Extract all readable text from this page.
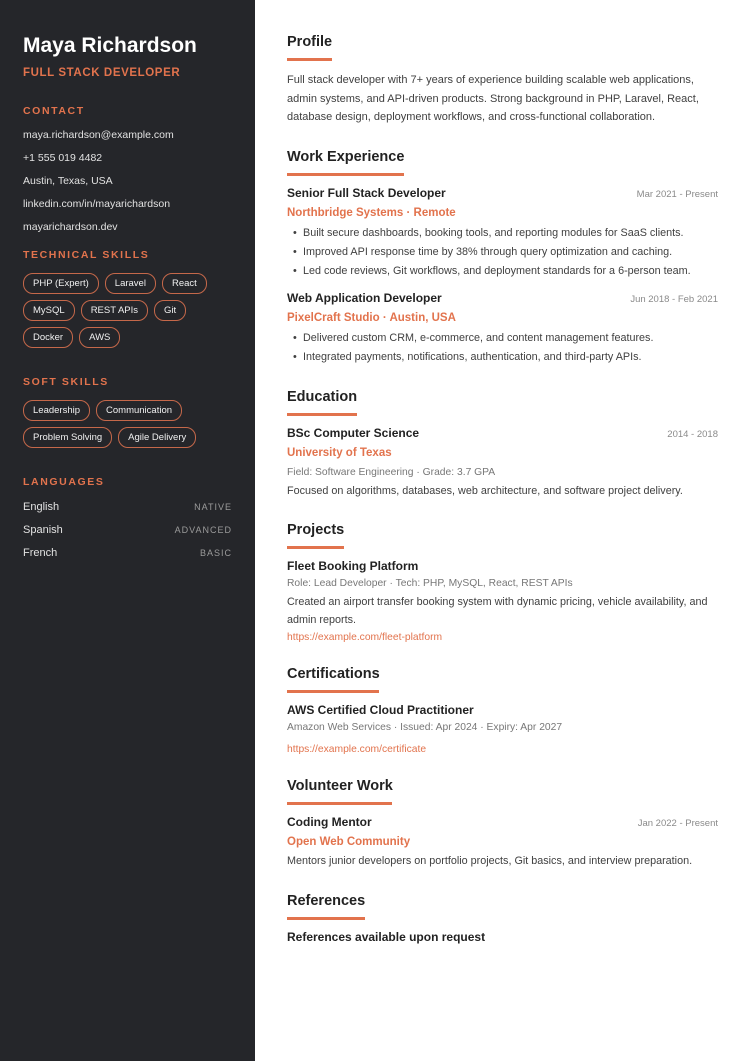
Maya Richardson
FULL STACK DEVELOPER
CONTACT
maya.richardson@example.com
+1 555 019 4482
Austin, Texas, USA
linkedin.com/in/mayarichardson
mayarichardson.dev
TECHNICAL SKILLS
PHP (Expert)	Laravel	React
MySQL	REST APIs	Git
Docker	AWS
SOFT SKILLS
Leadership	Communication
Problem Solving	Agile Delivery
LANGUAGES
English	NATIVE
Spanish	ADVANCED
French	BASIC
Profile

Full stack developer with 7+ years of experience building scalable web applications, admin systems, and API-driven products. Strong background in PHP, Laravel, React, database design, deployment workflows, and cross-functional collaboration.

Work Experience
Senior Full Stack Developer	Mar 2021 - Present
Northbridge Systems · Remote
• Built secure dashboards, booking tools, and reporting modules for SaaS clients.
• Improved API response time by 38% through query optimization and caching.
• Led code reviews, Git workflows, and deployment standards for a 6-person team.
Web Application Developer	Jun 2018 - Feb 2021
PixelCraft Studio · Austin, USA
• Delivered custom CRM, e-commerce, and content management features.
• Integrated payments, notifications, authentication, and third-party APIs.
Education
BSc Computer Science	2014 - 2018
University of Texas
Field: Software Engineering · Grade: 3.7 GPA

Focused on algorithms, databases, web architecture, and software project delivery.

Projects
Fleet Booking Platform
Role: Lead Developer · Tech: PHP, MySQL, React, REST APIs

Created an airport transfer booking system with dynamic pricing, vehicle availability, and admin reports.

https://example.com/fleet-platform
Certifications
AWS Certified Cloud Practitioner
Amazon Web Services · Issued: Apr 2024 · Expiry: Apr 2027
https://example.com/certificate
Volunteer Work
Coding Mentor	Jan 2022 - Present
Open Web Community

Mentors junior developers on portfolio projects, Git basics, and interview preparation.

References
References available upon request
